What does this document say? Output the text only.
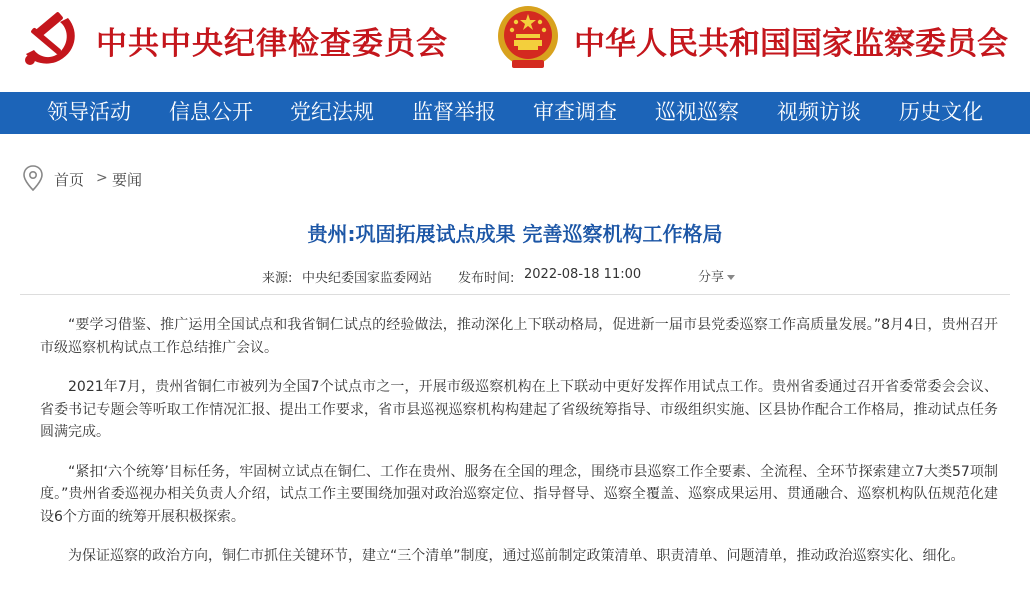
中共中央纪律检查委员会	中华人民共和国国家监察委员会
领导活动 信息公开 党纪法规 监督举报 审查调查 巡视巡察 视频访谈 历史文化
首页 > 要闻
贵州:巩固拓展试点成果 完善巡察机构工作格局
来源: 中央纪委国家监委网站 发布时间: 2022-08-18 11:00	分享

“要学习借鉴、推广运用全国试点和我省铜仁试点的经验做法，推动深化上下联动格局，促进新一届市县党委巡察工作高质量发展。”8月4日，贵州召开市级巡察机构试点工作总结推广会议。

2021年7月，贵州省铜仁市被列为全国7个试点市之一，开展市级巡察机构在上下联动中更好发挥作用试点工作。贵州省委通过召开省委常委会会议、省委书记专题会等听取工作情况汇报、提出工作要求，省市县巡视巡察机构构建起了省级统筹指导、市级组织实施、区县协作配合工作格局，推动试点任务圆满完成。

“紧扣‘六个统筹’目标任务，牢固树立试点在铜仁、工作在贵州、服务在全国的理念，围绕市县巡察工作全要素、全流程、全环节探索建立7大类57项制度。”贵州省委巡视办相关负责人介绍，试点工作主要围绕加强对政治巡察定位、指导督导、巡察全覆盖、巡察成果运用、贯通融合、巡察机构队伍规范化建设6个方面的统筹开展积极探索。

为保证巡察的政治方向，铜仁市抓住关键环节，建立“三个清单”制度，通过巡前制定政策清单、职责清单、问题清单，推动政治巡察实化、细化。
